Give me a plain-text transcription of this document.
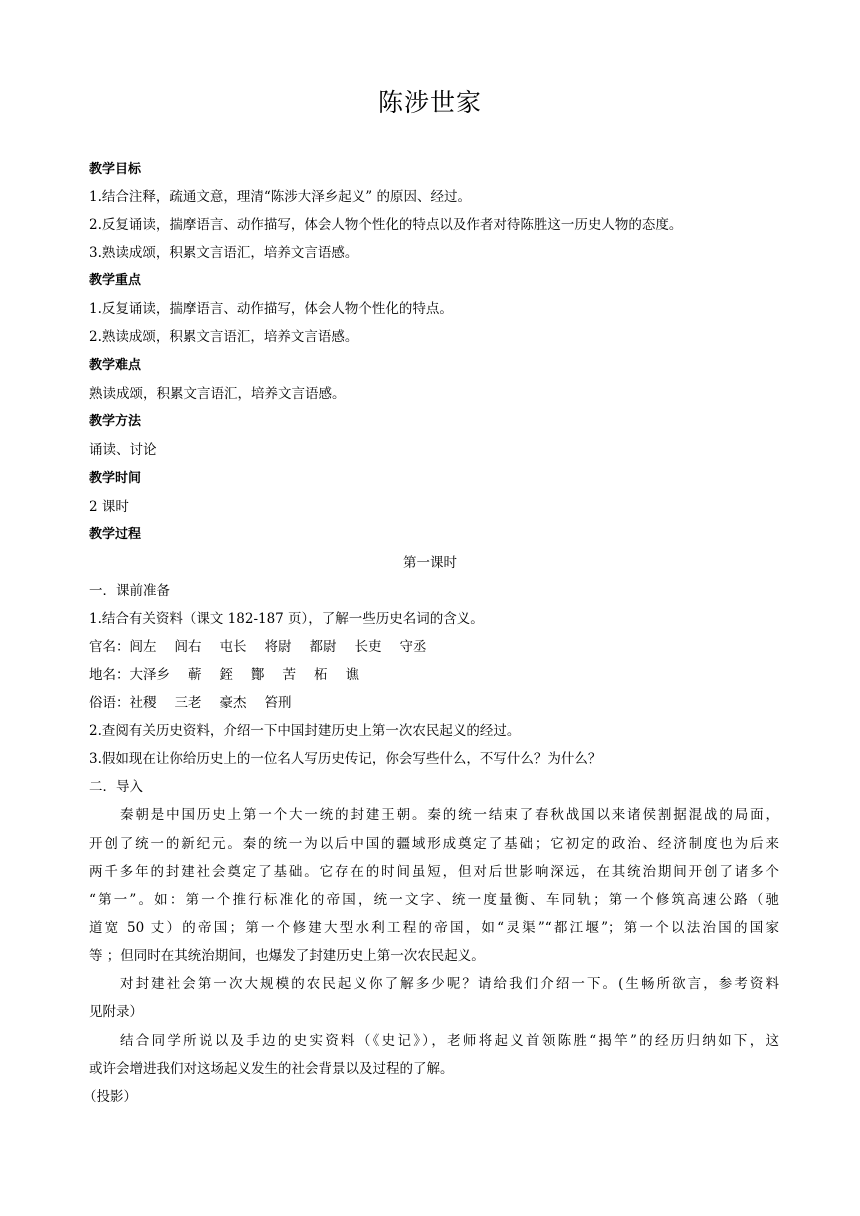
陈涉世家
教学目标
1.结合注释，疏通文意，理清“陈涉大泽乡起义” 的原因、经过。
2.反复诵读，揣摩语言、动作描写，体会人物个性化的特点以及作者对待陈胜这一历史人物的态度。
3.熟读成颂，积累文言语汇，培养文言语感。
教学重点
1.反复诵读，揣摩语言、动作描写，体会人物个性化的特点。
2.熟读成颂，积累文言语汇，培养文言语感。
教学难点
熟读成颂，积累文言语汇，培养文言语感。
教学方法
诵读、讨论
教学时间
2 课时
教学过程
第一课时
一．课前准备
1.结合有关资料（课文 182-187 页），了解一些历史名词的含义。
官名：闾左 闾右 屯长 将尉 都尉 长吏 守丞
地名：大泽乡 蕲 銍 酇 苦 柘 谯
俗语：社稷 三老 豪杰 笞刑
2.查阅有关历史资料，介绍一下中国封建历史上第一次农民起义的经过。
3.假如现在让你给历史上的一位名人写历史传记，你会写些什么，不写什么？为什么？
二．导入
秦朝是中国历史上第一个大一统的封建王朝。秦的统一结束了春秋战国以来诸侯割据混战的局面，
开创了统一的新纪元。秦的统一为以后中国的疆域形成奠定了基础；它初定的政治、经济制度也为后来
两千多年的封建社会奠定了基础。它存在的时间虽短，但对后世影响深远，在其统治期间开创了诸多个
“第一”。如：第一个推行标准化的帝国，统一文字、统一度量衡、车同轨；第一个修筑高速公路（驰
道宽 50 丈）的帝国；第一个修建大型水利工程的帝国，如“灵渠”“都江堰”；第一个以法治国的国家
等 ；但同时在其统治期间，也爆发了封建历史上第一次农民起义。
对封建社会第一次大规模的农民起义你了解多少呢？请给我们介绍一下。(生畅所欲言，参考资料
见附录）
结合同学所说以及手边的史实资料（《史记》），老师将起义首领陈胜“揭竿”的经历归纳如下，这
或许会增进我们对这场起义发生的社会背景以及过程的了解。
（投影）
